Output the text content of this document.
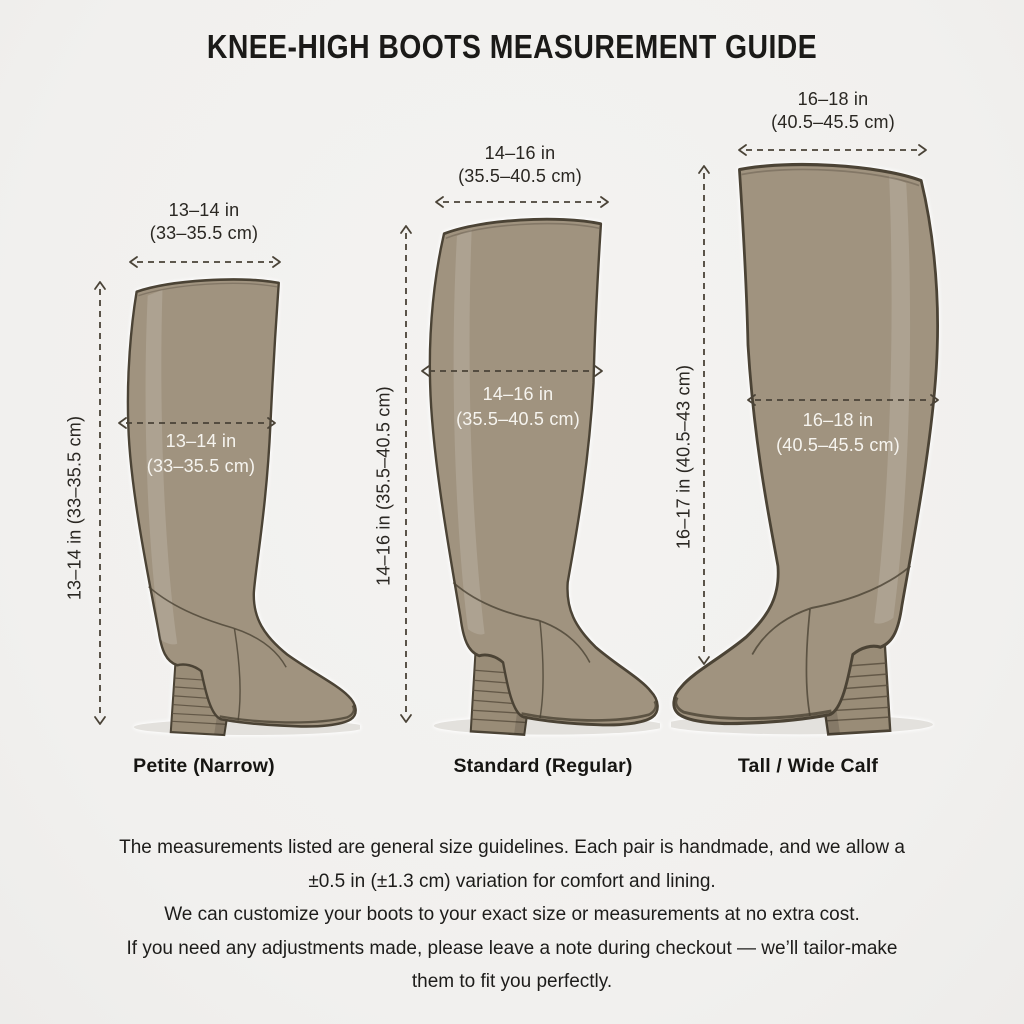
KNEE-HIGH BOOTS MEASUREMENT GUIDE
13–14 in
(33–35.5 cm)
13–14 in (33–35.5 cm)	13–14 in
(33–35.5 cm)
Petite (Narrow)
14–16 in
(35.5–40.5 cm)
14–16 in (35.5–40.5 cm)	14–16 in
(35.5–40.5 cm)
Standard (Regular)
16–18 in
(40.5–45.5 cm)
16–17 in (40.5–43 cm)	16–18 in
(40.5–45.5 cm)
Tall / Wide Calf
The measurements listed are general size guidelines. Each pair is handmade, and we allow a
±0.5 in (±1.3 cm) variation for comfort and lining.
We can customize your boots to your exact size or measurements at no extra cost.
If you need any adjustments made, please leave a note during checkout — we’ll tailor-make
them to fit you perfectly.
